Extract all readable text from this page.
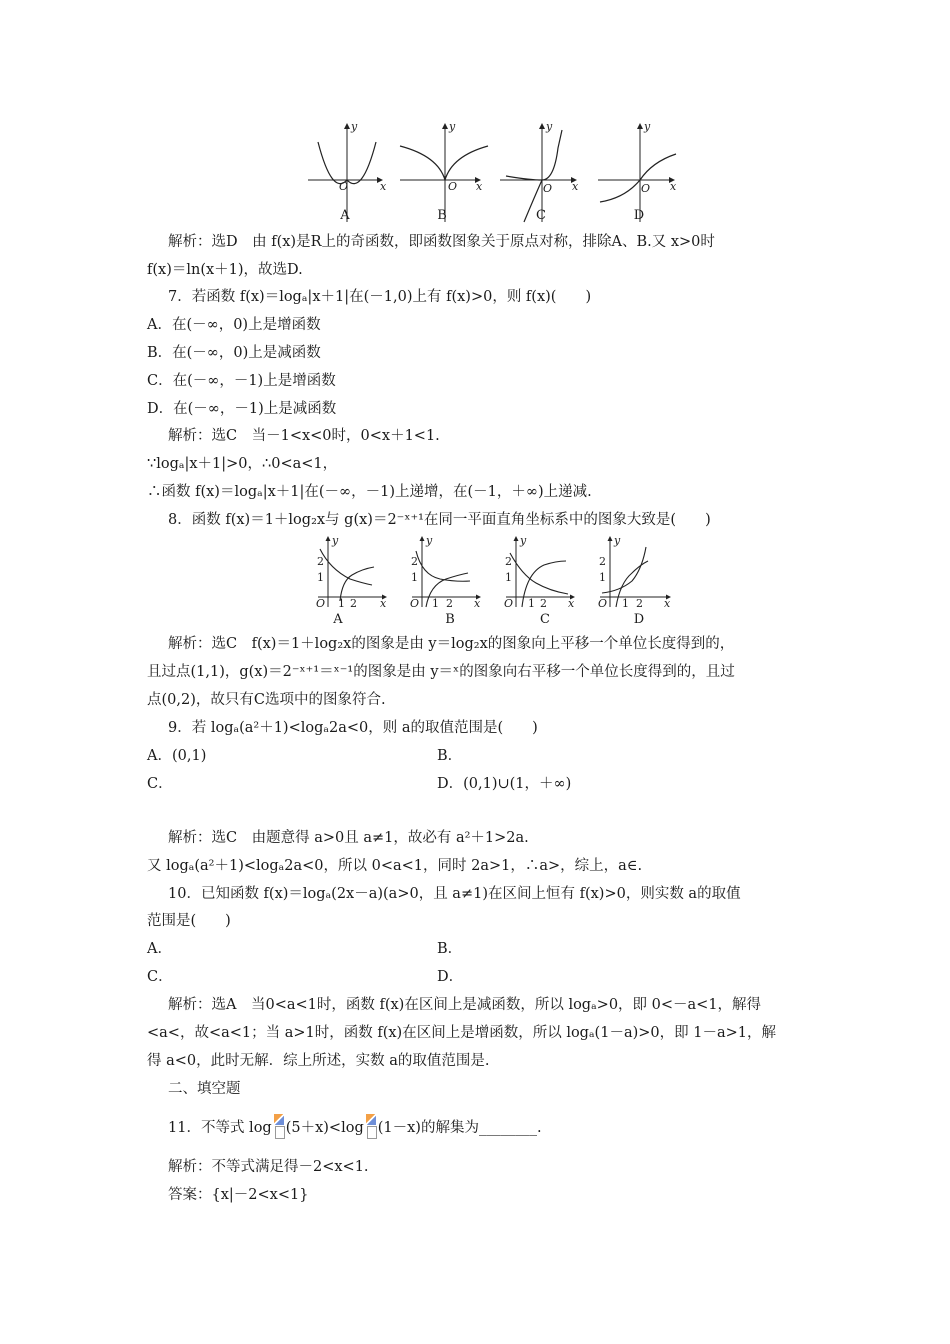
y
x
O
y
x
O
y
x
O
y
x
O
A	B	C	D
解析：选D　由 f(x)是R上的奇函数，即函数图象关于原点对称，排除A、B.又 x>0时
f(x)＝ln(x＋1)，故选D.
7．若函数 f(x)＝logₐ|x＋1|在(－1,0)上有 f(x)>0，则 f(x)(　　)
A．在(－∞，0)上是增函数
B．在(－∞，0)上是减函数
C．在(－∞，－1)上是增函数
D．在(－∞，－1)上是减函数
解析：选C　当－1<x<0时，0<x＋1<1.
∵logₐ|x＋1|>0，∴0<a<1，
∴函数 f(x)＝logₐ|x＋1|在(－∞，－1)上递增，在(－1，＋∞)上递减.
8．函数 f(x)＝1＋log₂x与 g(x)＝2⁻ˣ⁺¹在同一平面直角坐标系中的图象大致是(　　)
y
2
1
O 1 2 x
y
2
1
O 1 2 x
y
2
1
O 1 2 x
y
2
1
O 1 2 x
A	B	C	D
解析：选C　f(x)＝1＋log₂x的图象是由 y＝log₂x的图象向上平移一个单位长度得到的，
且过点(1,1)，g(x)＝2⁻ˣ⁺¹＝ˣ⁻¹的图象是由 y＝ˣ的图象向右平移一个单位长度得到的，且过
点(0,2)，故只有C选项中的图象符合.
9．若 logₐ(a²＋1)<logₐ2a<0，则 a的取值范围是(　　)
A．(0,1)	B．
C．	D．(0,1)∪(1，＋∞)
解析：选C　由题意得 a>0且 a≠1，故必有 a²＋1>2a.
又 logₐ(a²＋1)<logₐ2a<0，所以 0<a<1，同时 2a>1，∴a>，综上，a∈.
10．已知函数 f(x)＝logₐ(2x－a)(a>0，且 a≠1)在区间上恒有 f(x)>0，则实数 a的取值
范围是(　　)
A．	B．
C．	D．
解析：选A　当0<a<1时，函数 f(x)在区间上是减函数，所以 logₐ>0，即 0<－a<1，解得
<a<，故<a<1；当 a>1时，函数 f(x)在区间上是增函数，所以 logₐ(1－a)>0，即 1－a>1，解
得 a<0，此时无解．综上所述，实数 a的取值范围是.
二、填空题
11．不等式 log (5＋x)<log (1－x)的解集为________.
解析：不等式满足得－2<x<1.
答案：{x|－2<x<1}
